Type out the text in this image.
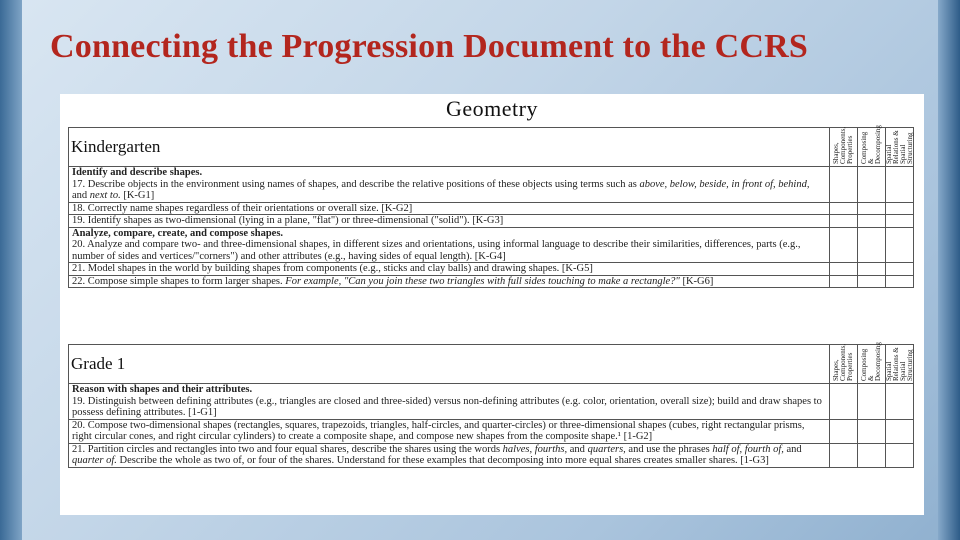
Connecting the Progression Document to the CCRS
Geometry
Kindergarten	Shapes, Components, Properties	Composing & Decomposing	Spatial Relations & Spatial Structuring

Identify and describe shapes.
17. Describe objects in the environment using names of shapes, and describe the relative positions of these objects using terms such as above, below, beside, in front of, behind, and next to. [K-G1]			
18. Correctly name shapes regardless of their orientations or overall size. [K-G2]			
19. Identify shapes as two-dimensional (lying in a plane, "flat") or three-dimensional ("solid"). [K-G3]			
Analyze, compare, create, and compose shapes.
20. Analyze and compare two- and three-dimensional shapes, in different sizes and orientations, using informal language to describe their similarities, differences, parts (e.g., number of sides and vertices/"corners") and other attributes (e.g., having sides of equal length). [K-G4]			
21. Model shapes in the world by building shapes from components (e.g., sticks and clay balls) and drawing shapes. [K-G5]			
22. Compose simple shapes to form larger shapes. For example, "Can you join these two triangles with full sides touching to make a rectangle?" [K-G6]			
Grade 1	Shapes, Components, Properties	Composing & Decomposing	Spatial Relations & Spatial Structuring

Reason with shapes and their attributes.
19. Distinguish between defining attributes (e.g., triangles are closed and three-sided) versus non-defining attributes (e.g. color, orientation, overall size); build and draw shapes to possess defining attributes. [1-G1]			
20. Compose two-dimensional shapes (rectangles, squares, trapezoids, triangles, half-circles, and quarter-circles) or three-dimensional shapes (cubes, right rectangular prisms, right circular cones, and right circular cylinders) to create a composite shape, and compose new shapes from the composite shape.¹ [1-G2]			
21. Partition circles and rectangles into two and four equal shares, describe the shares using the words halves, fourths, and quarters, and use the phrases half of, fourth of, and quarter of. Describe the whole as two of, or four of the shares. Understand for these examples that decomposing into more equal shares creates smaller shares. [1-G3]			
